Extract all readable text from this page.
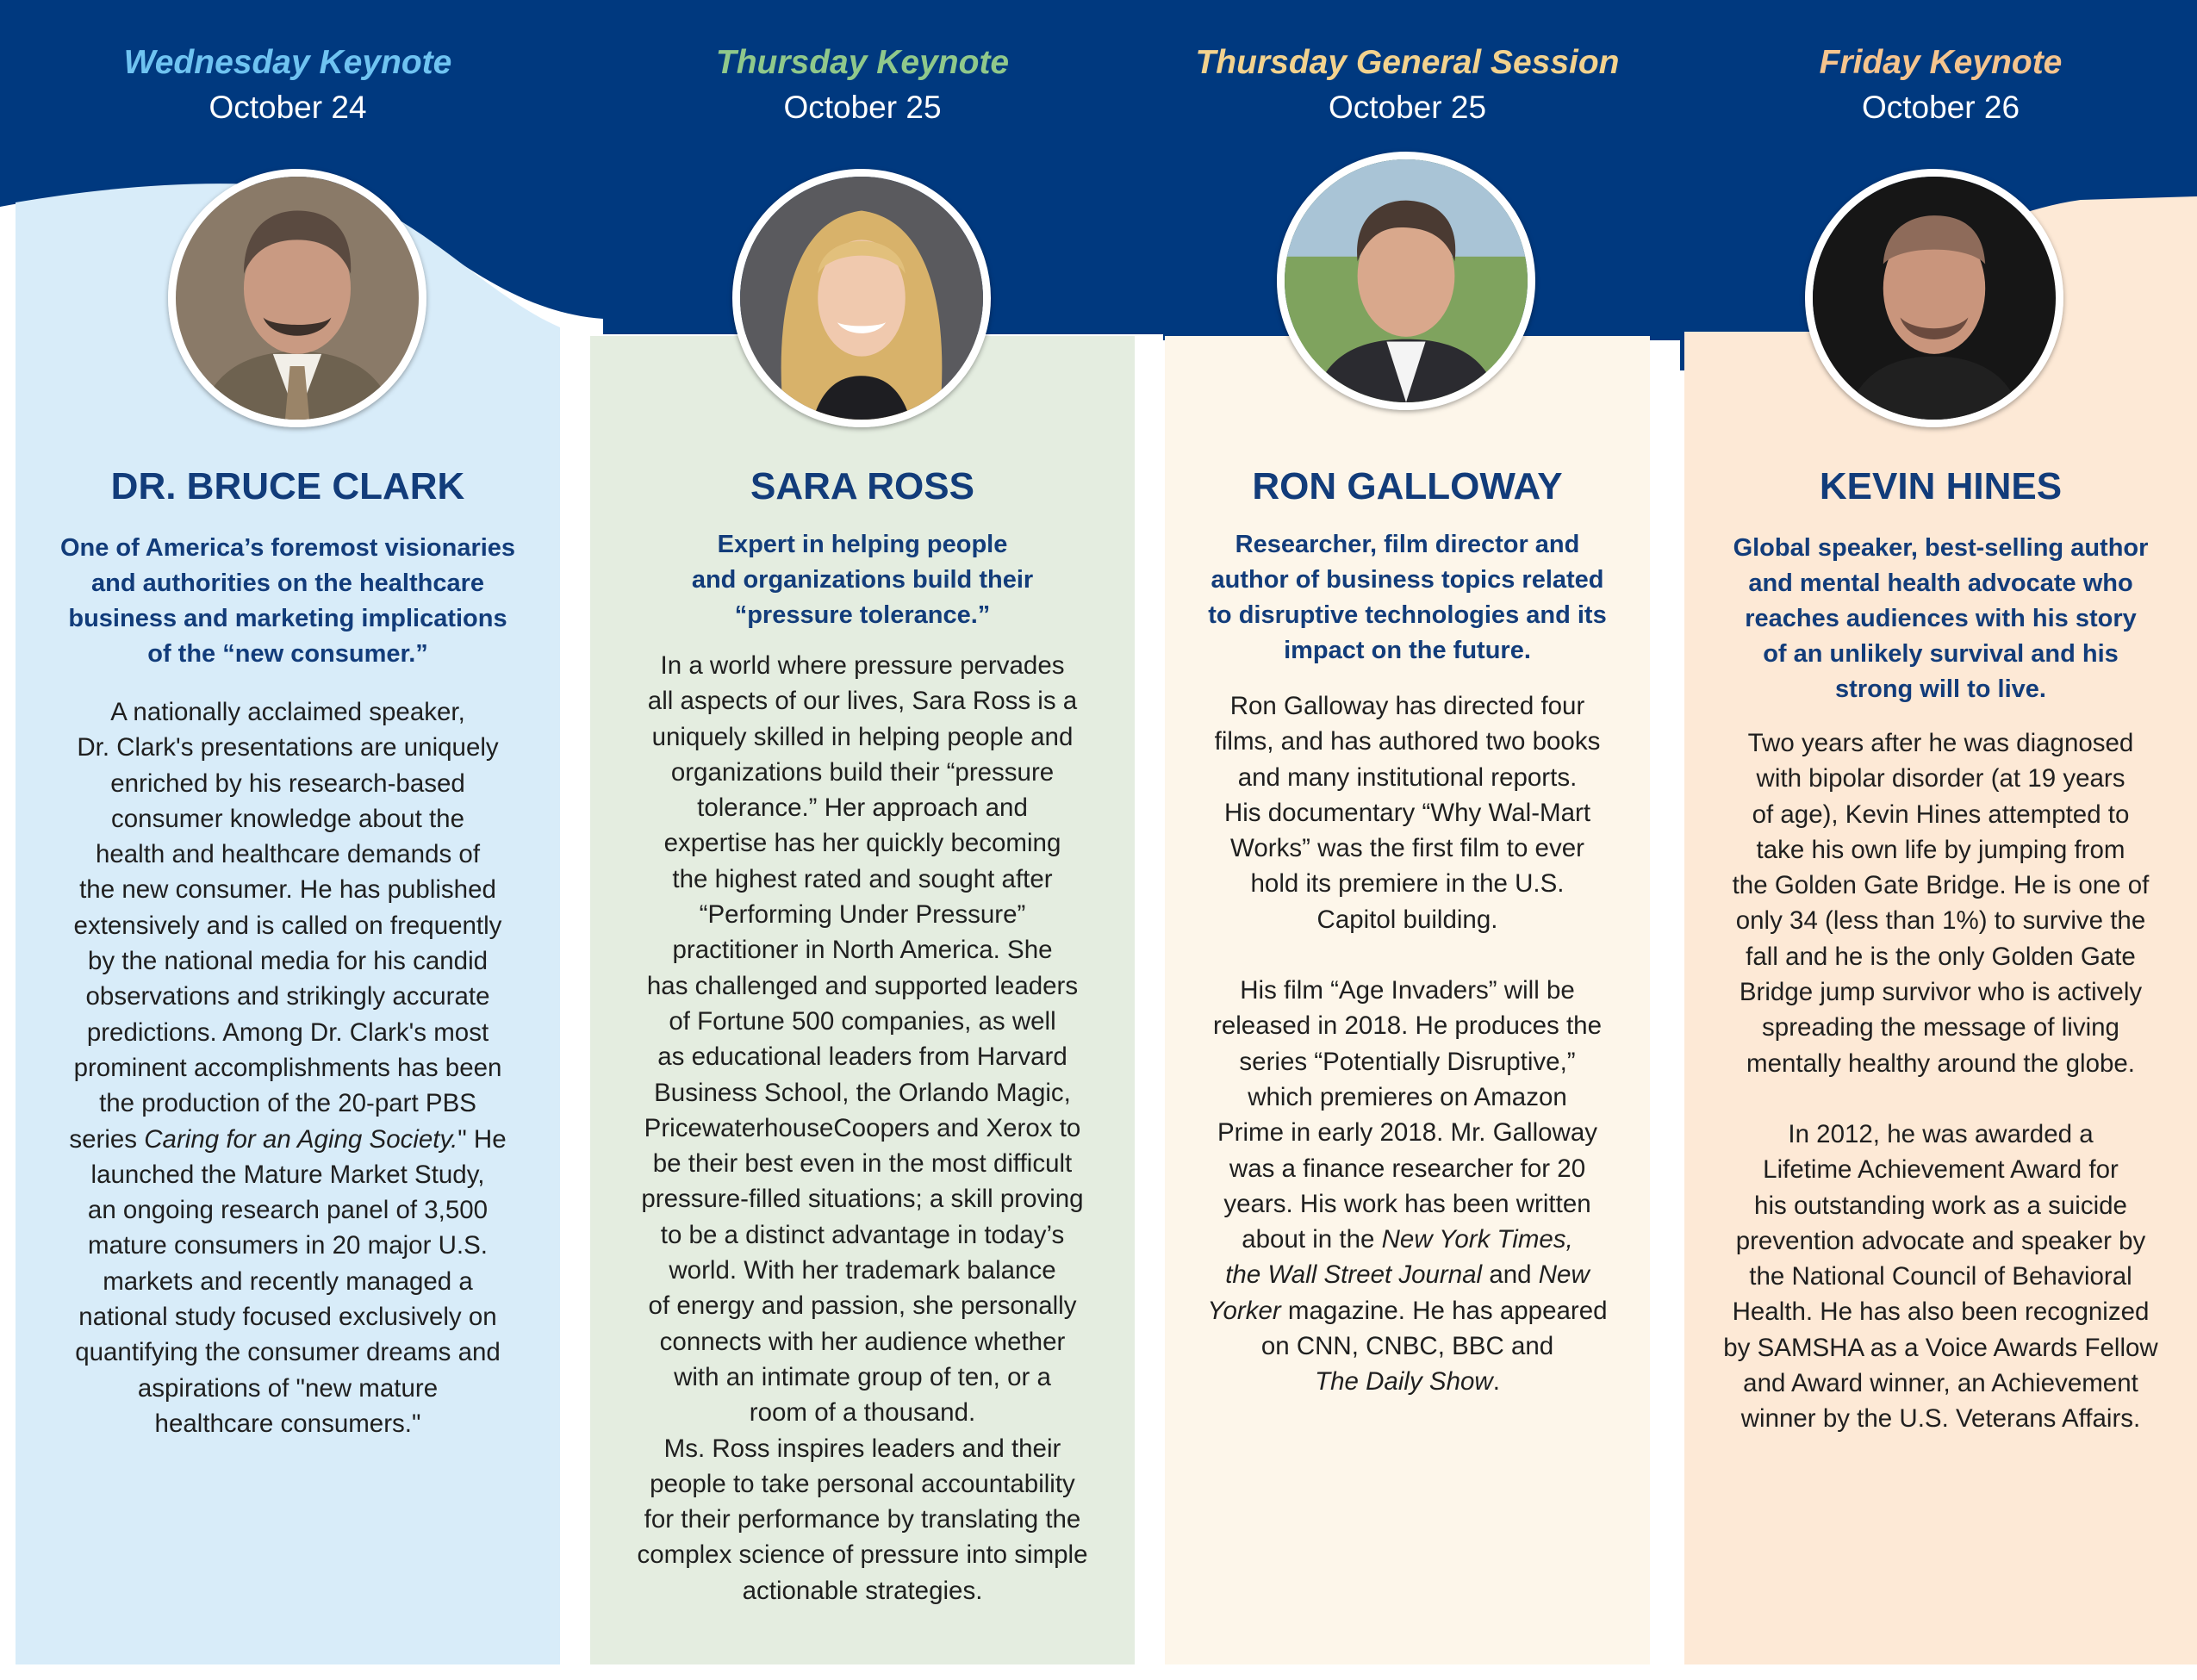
Wednesday Keynote
October 24
DR. BRUCE CLARK
One of America’s foremost visionaries
and authorities on the healthcare
business and marketing implications
of the “new consumer.”

A nationally acclaimed speaker,
Dr. Clark's presentations are uniquely
enriched by his research-based
consumer knowledge about the
health and healthcare demands of
the new consumer. He has published
extensively and is called on frequently
by the national media for his candid
observations and strikingly accurate
predictions. Among Dr. Clark's most
prominent accomplishments has been
the production of the 20-part PBS
series Caring for an Aging Society." He
launched the Mature Market Study,
an ongoing research panel of 3,500
mature consumers in 20 major U.S.
markets and recently managed a
national study focused exclusively on
quantifying the consumer dreams and
aspirations of "new mature
healthcare consumers."

Thursday Keynote
October 25
SARA ROSS
Expert in helping people
and organizations build their
“pressure tolerance.”

In a world where pressure pervades
all aspects of our lives, Sara Ross is a
uniquely skilled in helping people and
organizations build their “pressure
tolerance.” Her approach and
expertise has her quickly becoming
the highest rated and sought after
“Performing Under Pressure”
practitioner in North America. She
has challenged and supported leaders
of Fortune 500 companies, as well
as educational leaders from Harvard
Business School, the Orlando Magic,
PricewaterhouseCoopers and Xerox to
be their best even in the most difficult
pressure-filled situations; a skill proving
to be a distinct advantage in today’s
world. With her trademark balance
of energy and passion, she personally
connects with her audience whether
with an intimate group of ten, or a
room of a thousand.

Ms. Ross inspires leaders and their
people to take personal accountability
for their performance by translating the
complex science of pressure into simple
actionable strategies.

Thursday General Session
October 25
RON GALLOWAY
Researcher, film director and
author of business topics related
to disruptive technologies and its
impact on the future.

Ron Galloway has directed four
films, and has authored two books
and many institutional reports.
His documentary “Why Wal-Mart
Works” was the first film to ever
hold its premiere in the U.S.
Capitol building.

His film “Age Invaders” will be
released in 2018. He produces the
series “Potentially Disruptive,”
which premieres on Amazon
Prime in early 2018. Mr. Galloway
was a finance researcher for 20
years. His work has been written
about in the New York Times,
the Wall Street Journal and New
Yorker magazine. He has appeared
on CNN, CNBC, BBC and
The Daily Show.

Friday Keynote
October 26
KEVIN HINES
Global speaker, best-selling author
and mental health advocate who
reaches audiences with his story
of an unlikely survival and his
strong will to live.

Two years after he was diagnosed
with bipolar disorder (at 19 years
of age), Kevin Hines attempted to
take his own life by jumping from
the Golden Gate Bridge. He is one of
only 34 (less than 1%) to survive the
fall and he is the only Golden Gate
Bridge jump survivor who is actively
spreading the message of living
mentally healthy around the globe.

In 2012, he was awarded a
Lifetime Achievement Award for
his outstanding work as a suicide
prevention advocate and speaker by
the National Council of Behavioral
Health. He has also been recognized
by SAMSHA as a Voice Awards Fellow
and Award winner, an Achievement
winner by the U.S. Veterans Affairs.
